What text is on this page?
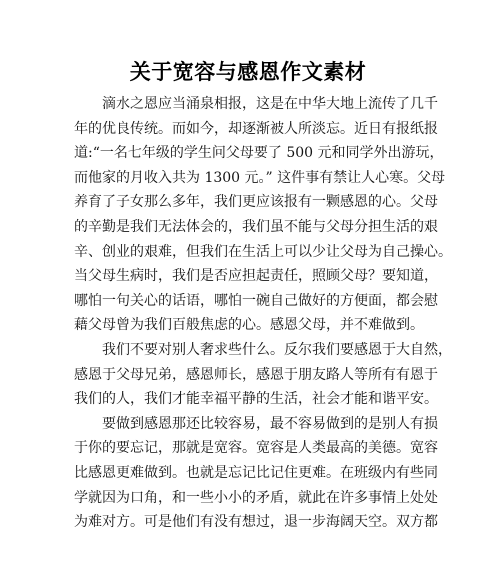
关于宽容与感恩作文素材
滴水之恩应当涌泉相报，这是在中华大地上流传了几千
年的优良传统。而如今，却逐渐被人所淡忘。近日有报纸报
道:“一名七年级的学生问父母要了 500 元和同学外出游玩，
而他家的月收入共为 1300 元。” 这件事有禁让人心寒。父母
养育了子女那么多年，我们更应该报有一颗感恩的心。父母
的辛勤是我们无法体会的，我们虽不能与父母分担生活的艰
辛、创业的艰难，但我们在生活上可以少让父母为自己操心。
当父母生病时，我们是否应担起责任，照顾父母？要知道，
哪怕一句关心的话语，哪怕一碗自己做好的方便面，都会慰
藉父母曾为我们百般焦虑的心。感恩父母，并不难做到。
我们不要对别人奢求些什么。反尔我们要感恩于大自然，
感恩于父母兄弟，感恩师长，感恩于朋友路人等所有有恩于
我们的人，我们才能幸福平静的生活，社会才能和谐平安。
要做到感恩那还比较容易，最不容易做到的是别人有损
于你的要忘记，那就是宽容。宽容是人类最高的美德。宽容
比感恩更难做到。也就是忘记比记住更难。在班级内有些同
学就因为口角，和一些小小的矛盾，就此在许多事情上处处
为难对方。可是他们有没有想过，退一步海阔天空。双方都
